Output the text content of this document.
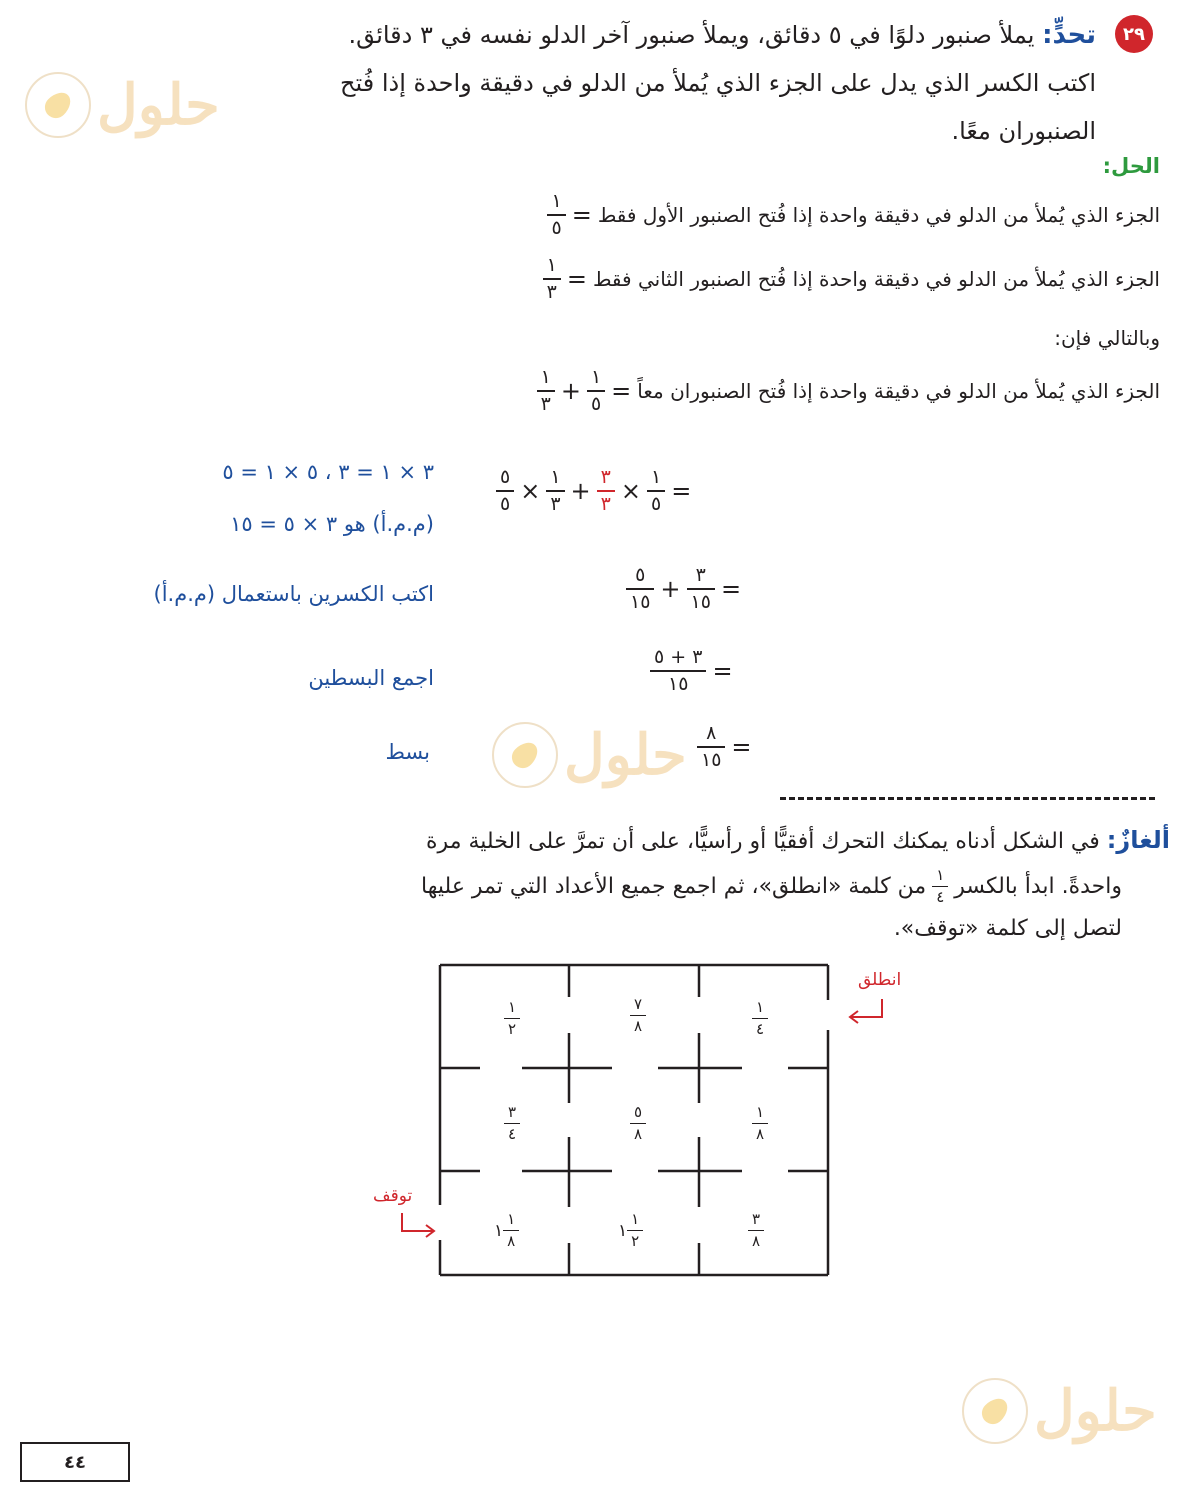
٢٩
تحدٍّ: يملأ صنبور دلوًا في ٥ دقائق، ويملأ صنبور آخر الدلو نفسه في ٣ دقائق.
اكتب الكسر الذي يدل على الجزء الذي يُملأ من الدلو في دقيقة واحدة إذا فُتح
الصنبوران معًا.
حلول
حلول
حلول
الحل:
الجزء الذي يُملأ من الدلو في دقيقة واحدة إذا فُتح الصنبور الأول فقط
=
$\frac{١}{٥}$
الجزء الذي يُملأ من الدلو في دقيقة واحدة إذا فُتح الصنبور الثاني فقط
=
$\frac{١}{٣}$
وبالتالي فإن:
الجزء الذي يُملأ من الدلو في دقيقة واحدة إذا فُتح الصنبوران معاً
=
$\frac{١}{٥}$
+
$\frac{١}{٣}$
$\frac{٥}{٥} \times \frac{١}{٣} + \frac{٣}{٣} \times \frac{١}{٥}$ =
٣ × ١ = ٣ ، ٥ × ١ = ٥
(م.م.أ) هو ٣ × ٥ = ١٥
$\frac{٥}{١٥} + \frac{٣}{١٥}$ =
اكتب الكسرين باستعمال (م.م.أ)
$\frac{٣ + ٥}{١٥}$ =
اجمع البسطين
$\frac{٨}{١٥}$ =
بسط
ألغازٌ: في الشكل أدناه يمكنك التحرك أفقيًّا أو رأسيًّا، على أن تمرَّ على الخلية مرة
واحدةً. ابدأ بالكسر
$\frac{١}{٤}$
من كلمة «انطلق»، ثم اجمع جميع الأعداد التي تمر عليها
لتصل إلى كلمة «توقف».
انطلق
توقف
$\frac{١}{٤}$
$\frac{٧}{٨}$
$\frac{١}{٢}$
$\frac{١}{٨}$
$\frac{٥}{٨}$
$\frac{٣}{٤}$
$\frac{٣}{٨}$
١ $\frac{١}{٢}$
١ $\frac{١}{٨}$
٤٤
